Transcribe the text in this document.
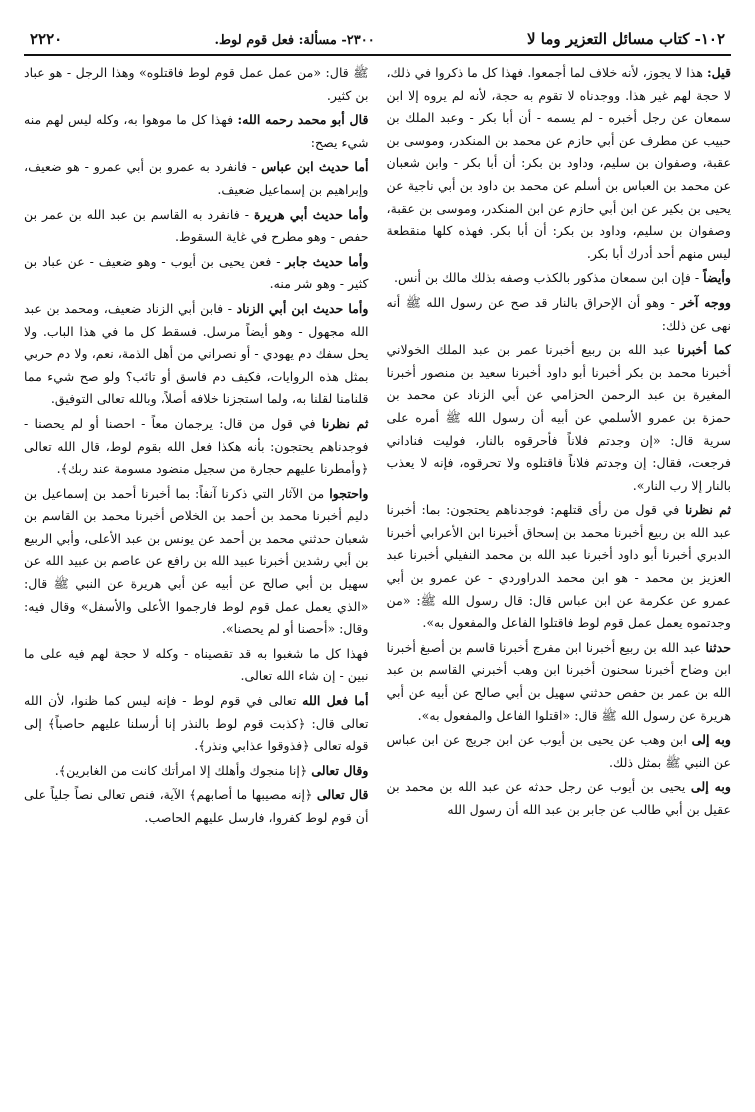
١٠٢- كتاب مسائل التعزير وما لا
٢٣٠٠- مسألة: فعل قوم لوط.
٢٢٢٠

قيل: هذا لا يجوز، لأنه خلاف لما أجمعوا. فهذا كل ما ذكروا في ذلك، لا حجة لهم غير هذا. ووجدناه لا تقوم به حجة، لأنه لم يروه إلا ابن سمعان عن رجل أخبره - لم يسمه - أن أبا بكر - وعبد الملك بن حبيب عن مطرف عن أبي حازم عن محمد بن المنكدر، وموسى بن عقبة، وصفوان بن سليم، وداود بن بكر: أن أبا بكر - وابن شعبان عن محمد بن العباس بن أسلم عن محمد بن داود بن أبي ناجية عن يحيى بن بكير عن ابن أبي حازم عن ابن المنكدر، وموسى بن عقبة، وصفوان بن سليم، وداود بن بكر: أن أبا بكر. فهذه كلها منقطعة ليس منهم أحد أدرك أبا بكر.

وأيضاً - فإن ابن سمعان مذكور بالكذب وصفه بذلك مالك بن أنس.

ووجه آخر - وهو أن الإحراق بالنار قد صح عن رسول الله ﷺ أنه نهى عن ذلك:

كما أخبرنا عبد الله بن ربيع أخبرنا عمر بن عبد الملك الخولاني أخبرنا محمد بن بكر أخبرنا أبو داود أخبرنا سعيد بن منصور أخبرنا المغيرة بن عبد الرحمن الحزامي عن أبي الزناد عن محمد بن حمزة بن عمرو الأسلمي عن أبيه أن رسول الله ﷺ أمره على سرية قال: «إن وجدتم فلاناً فأحرقوه بالنار، فوليت فناداني فرجعت، فقال: إن وجدتم فلاناً فاقتلوه ولا تحرقوه، فإنه لا يعذب بالنار إلا رب النار».

ثم نظرنا في قول من رأى قتلهم: فوجدناهم يحتجون: بما: أخبرنا عبد الله بن ربيع أخبرنا محمد بن إسحاق أخبرنا ابن الأعرابي أخبرنا الدبري أخبرنا أبو داود أخبرنا عبد الله بن محمد النفيلي أخبرنا عبد العزيز بن محمد - هو ابن محمد الدراوردي - عن عمرو بن أبي عمرو عن عكرمة عن ابن عباس قال: قال رسول الله ﷺ: «من وجدتموه يعمل عمل قوم لوط فاقتلوا الفاعل والمفعول به».

حدثنا عبد الله بن ربيع أخبرنا ابن مفرج أخبرنا قاسم بن أصبغ أخبرنا ابن وضاح أخبرنا سحنون أخبرنا ابن وهب أخبرني القاسم بن عبد الله بن عمر بن حفص حدثني سهيل بن أبي صالح عن أبيه عن أبي هريرة عن رسول الله ﷺ قال: «اقتلوا الفاعل والمفعول به».

وبه إلى ابن وهب عن يحيى بن أيوب عن ابن جريج عن ابن عباس عن النبي ﷺ بمثل ذلك.

وبه إلى يحيى بن أيوب عن رجل حدثه عن عبد الله بن محمد بن عقيل بن أبي طالب عن جابر بن عبد الله أن رسول الله

ﷺ قال: «من عمل عمل قوم لوط فاقتلوه» وهذا الرجل - هو عباد بن كثير.

قال أبو محمد رحمه الله: فهذا كل ما موهوا به، وكله ليس لهم منه شيء يصح:

أما حديث ابن عباس - فانفرد به عمرو بن أبي عمرو - هو ضعيف، وإبراهيم بن إسماعيل ضعيف.

وأما حديث أبي هريرة - فانفرد به القاسم بن عبد الله بن عمر بن حفص - وهو مطرح في غاية السقوط.

وأما حديث جابر - فعن يحيى بن أيوب - وهو ضعيف - عن عباد بن كثير - وهو شر منه.

وأما حديث ابن أبي الزناد - فابن أبي الزناد ضعيف، ومحمد بن عبد الله مجهول - وهو أيضاً مرسل. فسقط كل ما في هذا الباب. ولا يحل سفك دم يهودي - أو نصراني من أهل الذمة، نعم، ولا دم حربي بمثل هذه الروايات، فكيف دم فاسق أو تائب؟ ولو صح شيء مما قلنامنا لقلنا به، ولما استجزنا خلافه أصلاً، وبالله تعالى التوفيق.

ثم نظرنا في قول من قال: يرجمان معاً - احصنا أو لم يحصنا - فوجدناهم يحتجون: بأنه هكذا فعل الله بقوم لوط، قال الله تعالى ﴿وأمطرنا عليهم حجارة من سجيل منضود مسومة عند ربك﴾.

واحتجوا من الآثار التي ذكرنا آنفاً: بما أخبرنا أحمد بن إسماعيل بن دليم أخبرنا محمد بن أحمد بن الخلاص أخبرنا محمد بن القاسم بن شعبان حدثني محمد بن أحمد عن يونس بن عبد الأعلى، وأبي الربيع بن أبي رشدين أخبرنا عبيد الله بن رافع عن عاصم بن عبيد الله عن سهيل بن أبي صالح عن أبيه عن أبي هريرة عن النبي ﷺ قال: «الذي يعمل عمل قوم لوط فارجموا الأعلى والأسفل» وقال فيه: وقال: «أحصنا أو لم يحصنا».

فهذا كل ما شغبوا به قد تقصيناه - وكله لا حجة لهم فيه على ما نبين - إن شاء الله تعالى.

أما فعل الله تعالى في قوم لوط - فإنه ليس كما ظنوا، لأن الله تعالى قال: ﴿كذبت قوم لوط بالنذر إنا أرسلنا عليهم حاصباً﴾ إلى قوله تعالى ﴿فذوقوا عذابي ونذر﴾.

وقال تعالى ﴿إنا منجوك وأهلك إلا امرأتك كانت من الغابرين﴾.

قال تعالى ﴿إنه مصيبها ما أصابهم﴾ الآية، فنص تعالى نصاً جلياً على أن قوم لوط كفروا، فارسل عليهم الحاصب.
